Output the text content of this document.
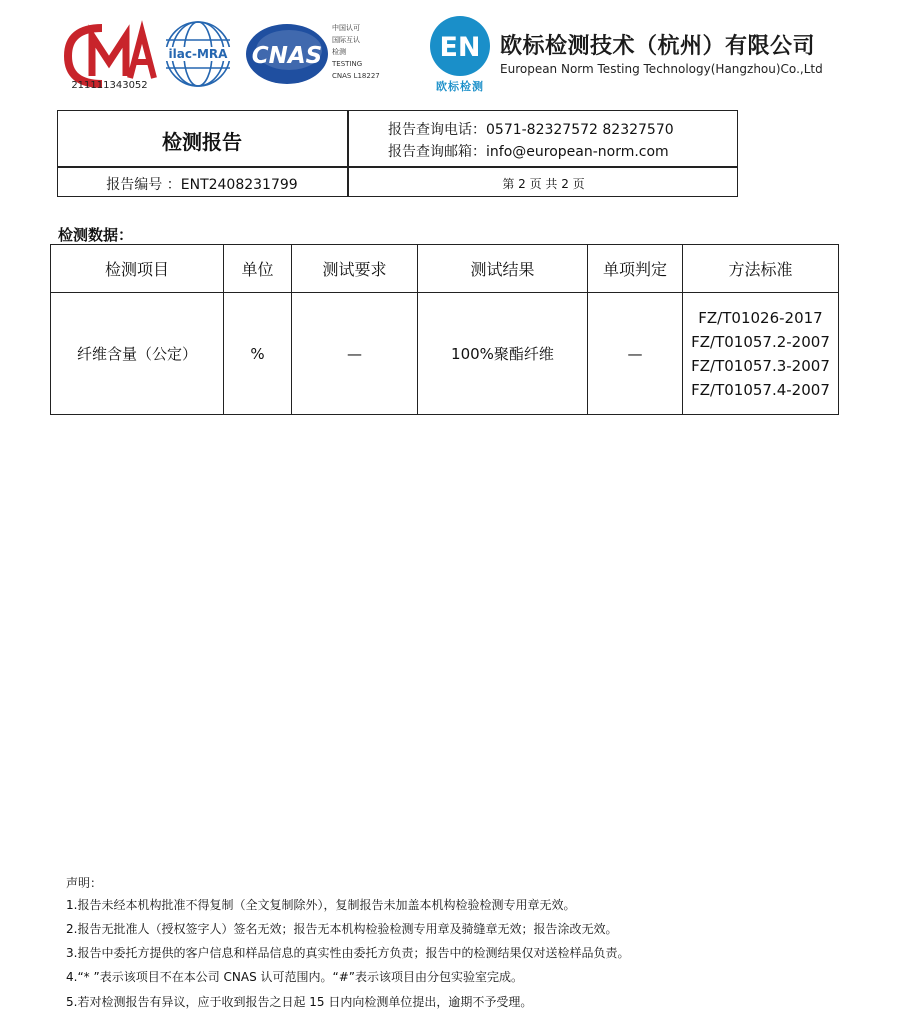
211111343052
ilac-MRA CNAS
中国认可
国际互认
检测
TESTING
CNAS L18227
EN
欧标检测
欧标检测技术（杭州）有限公司
European Norm Testing Technology(Hangzhou)Co.,Ltd
检测报告	报告查询电话：0571-82327572 82327570
报告查询邮箱：info@european-norm.com
报告编号 ：ENT2408231799	第 2 页 共 2 页
检测数据：
检测项目	单位	测试要求	测试结果	单项判定	方法标准
纤维含量（公定）	%	—	100%聚酯纤维	—	FZ/T01026-2017
FZ/T01057.2-2007
FZ/T01057.3-2007
FZ/T01057.4-2007
声明：
1.报告未经本机构批准不得复制（全文复制除外），复制报告未加盖本机构检验检测专用章无效。
2.报告无批准人（授权签字人）签名无效；报告无本机构检验检测专用章及骑缝章无效；报告涂改无效。
3.报告中委托方提供的客户信息和样品信息的真实性由委托方负责；报告中的检测结果仅对送检样品负责。
4.“* ”表示该项目不在本公司 CNAS 认可范围内。“#”表示该项目由分包实验室完成。
5.若对检测报告有异议，应于收到报告之日起 15 日内向检测单位提出，逾期不予受理。
